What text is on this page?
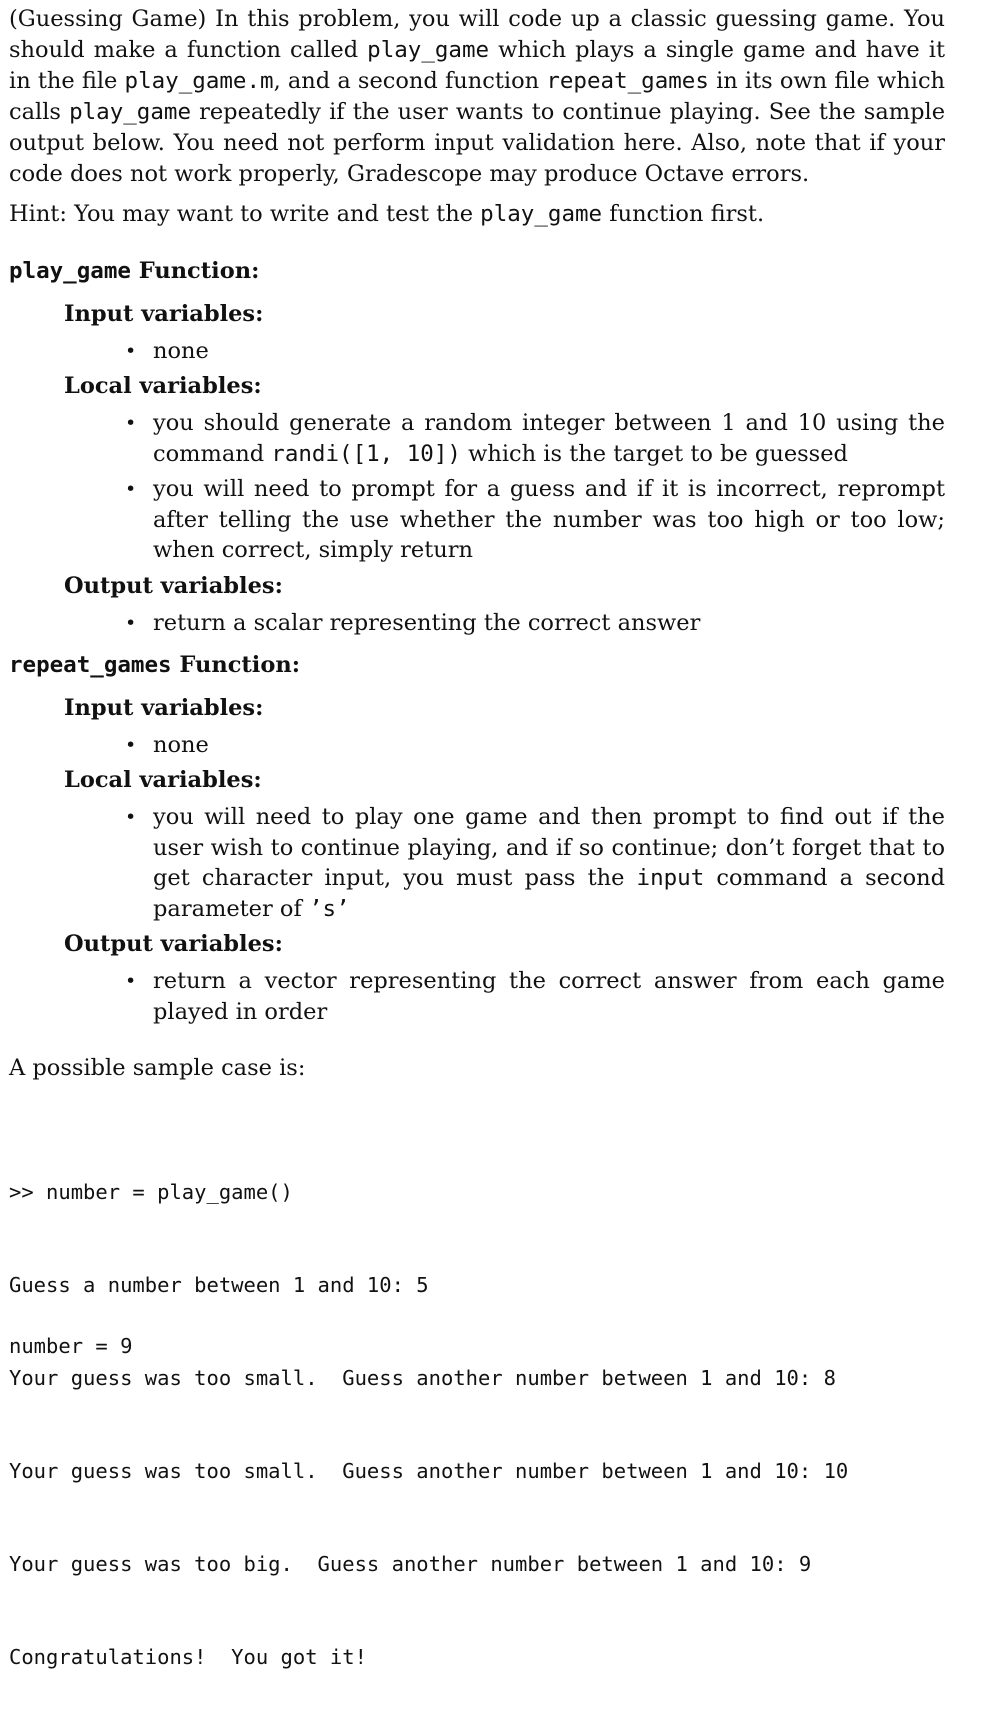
(Guessing Game) In this problem, you will code up a classic guessing game. You should make a function called play_game which plays a single game and have it in the file play_game.m, and a second function repeat_games in its own file which calls play_game repeatedly if the user wants to continue playing. See the sample output below. You need not perform input validation here. Also, note that if your code does not work properly, Gradescope may produce Octave errors.

Hint: You may want to write and test the play_game function first.

play_game Function:
Input variables:
• none
Local variables:
• you should generate a random integer between 1 and 10 using the command randi([1, 10]) which is the target to be guessed
• you will need to prompt for a guess and if it is incorrect, reprompt after telling the use whether the number was too high or too low; when correct, simply return
Output variables:
• return a scalar representing the correct answer
repeat_games Function:
Input variables:
• none
Local variables:
• you will need to play one game and then prompt to find out if the user wish to continue playing, and if so continue; don’t forget that to get character input, you must pass the input command a second parameter of ’s’
Output variables:
• return a vector representing the correct answer from each game played in order

A possible sample case is:

>> number = play_game()

Guess a number between 1 and 10: 5

Your guess was too small.  Guess another number between 1 and 10: 8

Your guess was too small.  Guess another number between 1 and 10: 10

Your guess was too big.  Guess another number between 1 and 10: 9

Congratulations!  You got it!

number = 9
